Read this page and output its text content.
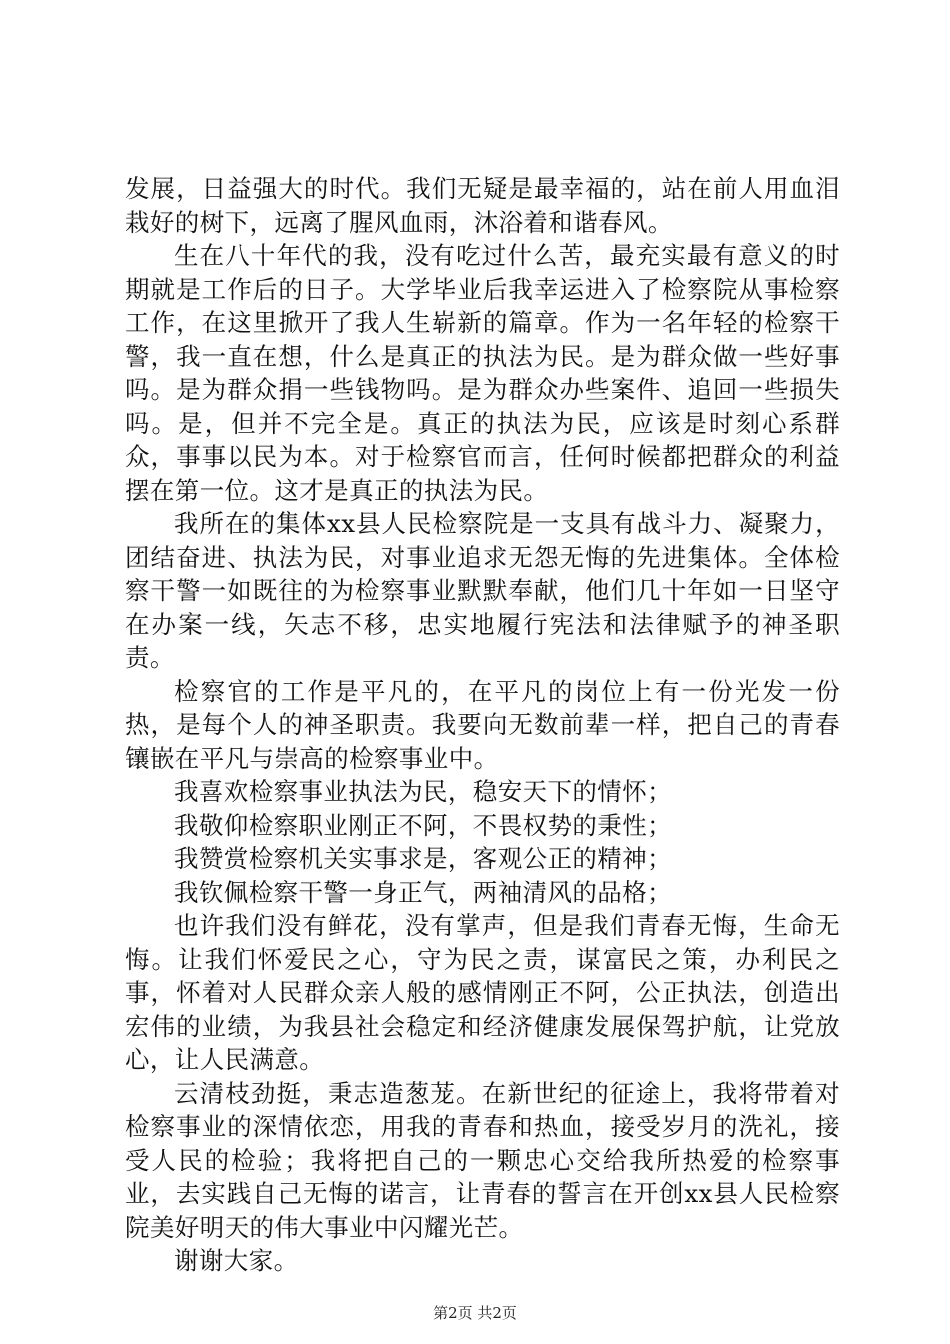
发展，日益强大的时代。我们无疑是最幸福的，站在前人用血泪栽好的树下，远离了腥风血雨，沐浴着和谐春风。

生在八十年代的我，没有吃过什么苦，最充实最有意义的时期就是工作后的日子。大学毕业后我幸运进入了检察院从事检察工作，在这里掀开了我人生崭新的篇章。作为一名年轻的检察干警，我一直在想，什么是真正的执法为民。是为群众做一些好事吗。是为群众捐一些钱物吗。是为群众办些案件、追回一些损失吗。是，但并不完全是。真正的执法为民，应该是时刻心系群众，事事以民为本。对于检察官而言，任何时候都把群众的利益摆在第一位。这才是真正的执法为民。

我所在的集体xx县人民检察院是一支具有战斗力、凝聚力，团结奋进、执法为民，对事业追求无怨无悔的先进集体。全体检察干警一如既往的为检察事业默默奉献，他们几十年如一日坚守在办案一线，矢志不移，忠实地履行宪法和法律赋予的神圣职责。

检察官的工作是平凡的，在平凡的岗位上有一份光发一份热，是每个人的神圣职责。我要向无数前辈一样，把自己的青春镶嵌在平凡与崇高的检察事业中。

我喜欢检察事业执法为民，稳安天下的情怀；

我敬仰检察职业刚正不阿，不畏权势的秉性；

我赞赏检察机关实事求是，客观公正的精神；

我钦佩检察干警一身正气，两袖清风的品格；

也许我们没有鲜花，没有掌声，但是我们青春无悔，生命无悔。让我们怀爱民之心，守为民之责，谋富民之策，办利民之事，怀着对人民群众亲人般的感情刚正不阿，公正执法，创造出宏伟的业绩，为我县社会稳定和经济健康发展保驾护航，让党放心，让人民满意。

云清枝劲挺，秉志造葱茏。在新世纪的征途上，我将带着对检察事业的深情依恋，用我的青春和热血，接受岁月的洗礼，接受人民的检验；我将把自己的一颗忠心交给我所热爱的检察事业，去实践自己无悔的诺言，让青春的誓言在开创xx县人民检察院美好明天的伟大事业中闪耀光芒。

谢谢大家。

第2页 共2页
